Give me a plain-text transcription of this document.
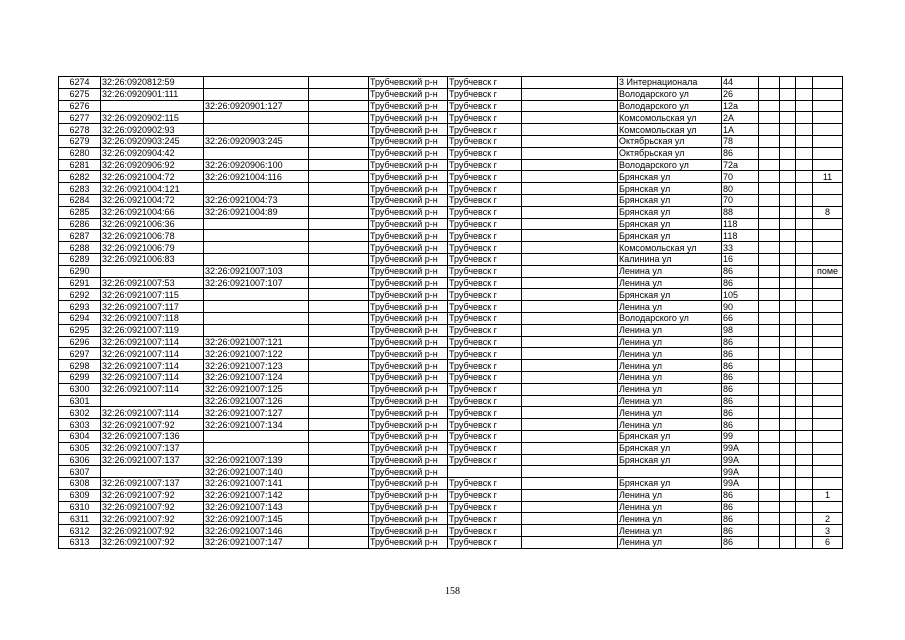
6274	32:26:0920812:59			Трубчевский р-н	Трубчевск г		3 Интернационала	44				
6275	32:26:0920901:111			Трубчевский р-н	Трубчевск г		Володарского ул	26				
6276		32:26:0920901:127		Трубчевский р-н	Трубчевск г		Володарского ул	12а				
6277	32:26:0920902:115			Трубчевский р-н	Трубчевск г		Комсомольская ул	2А				
6278	32:26:0920902:93			Трубчевский р-н	Трубчевск г		Комсомольская ул	1А				
6279	32:26:0920903:245	32:26:0920903:245		Трубчевский р-н	Трубчевск г		Октябрьская ул	78				
6280	32:26:0920904:42			Трубчевский р-н	Трубчевск г		Октябрьская ул	86				
6281	32:26:0920906:92	32:26:0920906:100		Трубчевский р-н	Трубчевск г		Володарского ул	72а				
6282	32:26:0921004:72	32:26:0921004:116		Трубчевский р-н	Трубчевск г		Брянская ул	70				11
6283	32:26:0921004:121			Трубчевский р-н	Трубчевск г		Брянская ул	80				
6284	32:26:0921004:72	32:26:0921004:73		Трубчевский р-н	Трубчевск г		Брянская ул	70				
6285	32:26:0921004:66	32:26:0921004:89		Трубчевский р-н	Трубчевск г		Брянская ул	88				8
6286	32:26:0921006:36			Трубчевский р-н	Трубчевск г		Брянская ул	118				
6287	32:26:0921006:78			Трубчевский р-н	Трубчевск г		Брянская ул	118				
6288	32:26:0921006:79			Трубчевский р-н	Трубчевск г		Комсомольская ул	33				
6289	32:26:0921006:83			Трубчевский р-н	Трубчевск г		Калинина ул	16				
6290		32:26:0921007:103		Трубчевский р-н	Трубчевск г		Ленина ул	86				поме
6291	32:26:0921007:53	32:26:0921007:107		Трубчевский р-н	Трубчевск г		Ленина ул	86				
6292	32:26:0921007:115			Трубчевский р-н	Трубчевск г		Брянская ул	105				
6293	32:26:0921007:117			Трубчевский р-н	Трубчевск г		Ленина ул	90				
6294	32:26:0921007:118			Трубчевский р-н	Трубчевск г		Володарского ул	66				
6295	32:26:0921007:119			Трубчевский р-н	Трубчевск г		Ленина ул	98				
6296	32:26:0921007:114	32:26:0921007:121		Трубчевский р-н	Трубчевск г		Ленина ул	86				
6297	32:26:0921007:114	32:26:0921007:122		Трубчевский р-н	Трубчевск г		Ленина ул	86				
6298	32:26:0921007:114	32:26:0921007:123		Трубчевский р-н	Трубчевск г		Ленина ул	86				
6299	32:26:0921007:114	32:26:0921007:124		Трубчевский р-н	Трубчевск г		Ленина ул	86				
6300	32:26:0921007:114	32:26:0921007:125		Трубчевский р-н	Трубчевск г		Ленина ул	86				
6301		32:26:0921007:126		Трубчевский р-н	Трубчевск г		Ленина ул	86				
6302	32:26:0921007:114	32:26:0921007:127		Трубчевский р-н	Трубчевск г		Ленина ул	86				
6303	32:26:0921007:92	32:26:0921007:134		Трубчевский р-н	Трубчевск г		Ленина ул	86				
6304	32:26:0921007:136			Трубчевский р-н	Трубчевск г		Брянская ул	99				
6305	32:26:0921007:137			Трубчевский р-н	Трубчевск г		Брянская ул	99А				
6306	32:26:0921007:137	32:26:0921007:139		Трубчевский р-н	Трубчевск г		Брянская ул	99А				
6307		32:26:0921007:140		Трубчевский р-н				99А				
6308	32:26:0921007:137	32:26:0921007:141		Трубчевский р-н	Трубчевск г		Брянская ул	99А				
6309	32:26:0921007:92	32:26:0921007:142		Трубчевский р-н	Трубчевск г		Ленина ул	86				1
6310	32:26:0921007:92	32:26:0921007:143		Трубчевский р-н	Трубчевск г		Ленина ул	86				
6311	32:26:0921007:92	32:26:0921007:145		Трубчевский р-н	Трубчевск г		Ленина ул	86				2
6312	32:26:0921007:92	32:26:0921007:146		Трубчевский р-н	Трубчевск г		Ленина ул	86				3
6313	32:26:0921007:92	32:26:0921007:147		Трубчевский р-н	Трубчевск г		Ленина ул	86				6
158
